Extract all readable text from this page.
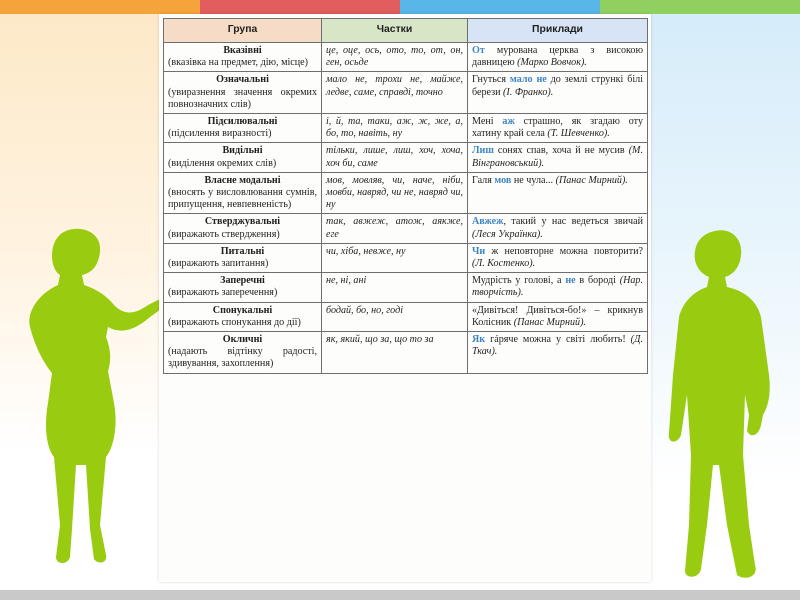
Група	Частки	Приклади

Вказівні
(вказівка на предмет, дію, місце)	це, оце, ось, ото, то, от, он, ген, осьде	От мурована церква з високою давницею (Марко Вовчок).

Означальні
(увиразнення значення окремих повнозначних слів)	мало не, трохи не, майже, ледве, саме, справді, точно	Гнуться мало не до землі стрункі білі берези (І. Франко).

Підсилювальні
(підсилення виразності)	і, й, та, таки, аж, ж, же, а, бо, то, навіть, ну	Мені аж страшно, як згадаю оту хатину край села (Т. Шевченко).

Видільні
(виділення окремих слів)	тільки, лише, лиш, хоч, хоча, хоч би, саме	Лиш сонях спав, хоча й не мусив (М. Вінграновський).

Власне модальні
(вносять у висловлювання сумнів, припущення, невпевненість)	мов, мовляв, чи, наче, ніби, мовби, навряд, чи не, навряд чи, ну	Галя мов не чула... (Панас Мирний).

Стверджувальні
(виражають ствердження)	так, авжеж, атож, аякже, еге	Авжеж, такий у нас ведеться звичай (Леся Українка).

Питальні
(виражають запитання)	чи, хіба, невже, ну	Чи ж неповторне можна повторити? (Л. Костенко).

Заперечні
(виражають заперечення)	не, ні, ані	Мудрість у голові, а не в бороді (Нар. творчість).

Спонукальні
(виражають спонукання до дії)	бодай, бо, но, годі	«Дивіться! Дивіться-бо!» – крикнув Колісник (Панас Мирний).

Окличні
(надають відтінку радості, здивування, захоплення)	як, який, що за, що то за	Як гáряче можна у світі любить! (Д. Ткач).
